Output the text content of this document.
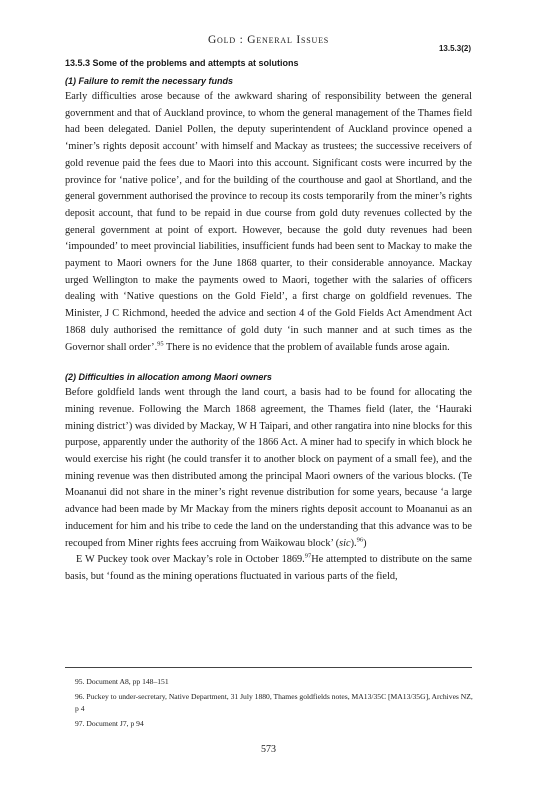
Gold : General Issues
13.5.3(2)
13.5.3 Some of the problems and attempts at solutions
(1) Failure to remit the necessary funds

Early difficulties arose because of the awkward sharing of responsibility between the general government and that of Auckland province, to whom the general management of the Thames field had been delegated. Daniel Pollen, the deputy superintendent of Auckland province opened a ‘miner’s rights deposit account’ with himself and Mackay as trustees; the successive receivers of gold revenue paid the fees due to Maori into this account. Significant costs were incurred by the province for ‘native police’, and for the building of the courthouse and gaol at Shortland, and the general government authorised the province to recoup its costs temporarily from the miner’s rights deposit account, that fund to be repaid in due course from gold duty revenues collected by the general government at point of export. However, because the gold duty revenues had been ‘impounded’ to meet provincial liabilities, insufficient funds had been sent to Mackay to make the payment to Maori owners for the June 1868 quarter, to their considerable annoyance. Mackay urged Wellington to make the payments owed to Maori, together with the salaries of officers dealing with ‘Native questions on the Gold Field’, a first charge on goldfield revenues. The Minister, J C Richmond, heeded the advice and section 4 of the Gold Fields Act Amendment Act 1868 duly authorised the remittance of gold duty ‘in such manner and at such times as the Governor shall order’.$^{95}$ There is no evidence that the problem of available funds arose again.

(2) Difficulties in allocation among Maori owners

Before goldfield lands went through the land court, a basis had to be found for allocating the mining revenue. Following the March 1868 agreement, the Thames field (later, the ‘Hauraki mining district’) was divided by Mackay, W H Taipari, and other rangatira into nine blocks for this purpose, apparently under the authority of the 1866 Act. A miner had to specify in which block he would exercise his right (he could transfer it to another block on payment of a small fee), and the mining revenue was then distributed among the principal Maori owners of the various blocks. (Te Moananui did not share in the miner’s right revenue distribution for some years, because ‘a large advance had been made by Mr Mackay from the miners rights deposit account to Moananui as an inducement for him and his tribe to cede the land on the understanding that this advance was to be recouped from Miner rights fees accruing from Waikowau block’ (sic).$^{96}$)

E W Puckey took over Mackay’s role in October 1869.97He attempted to distribute on the same basis, but ‘found as the mining operations fluctuated in various parts of the field,

95. Document A8, pp 148–151
96. Puckey to under-secretary, Native Department, 31 July 1880, Thames goldfields notes, MA13/35C [MA13/35G], Archives NZ, p 4
97. Document J7, p 94
573
